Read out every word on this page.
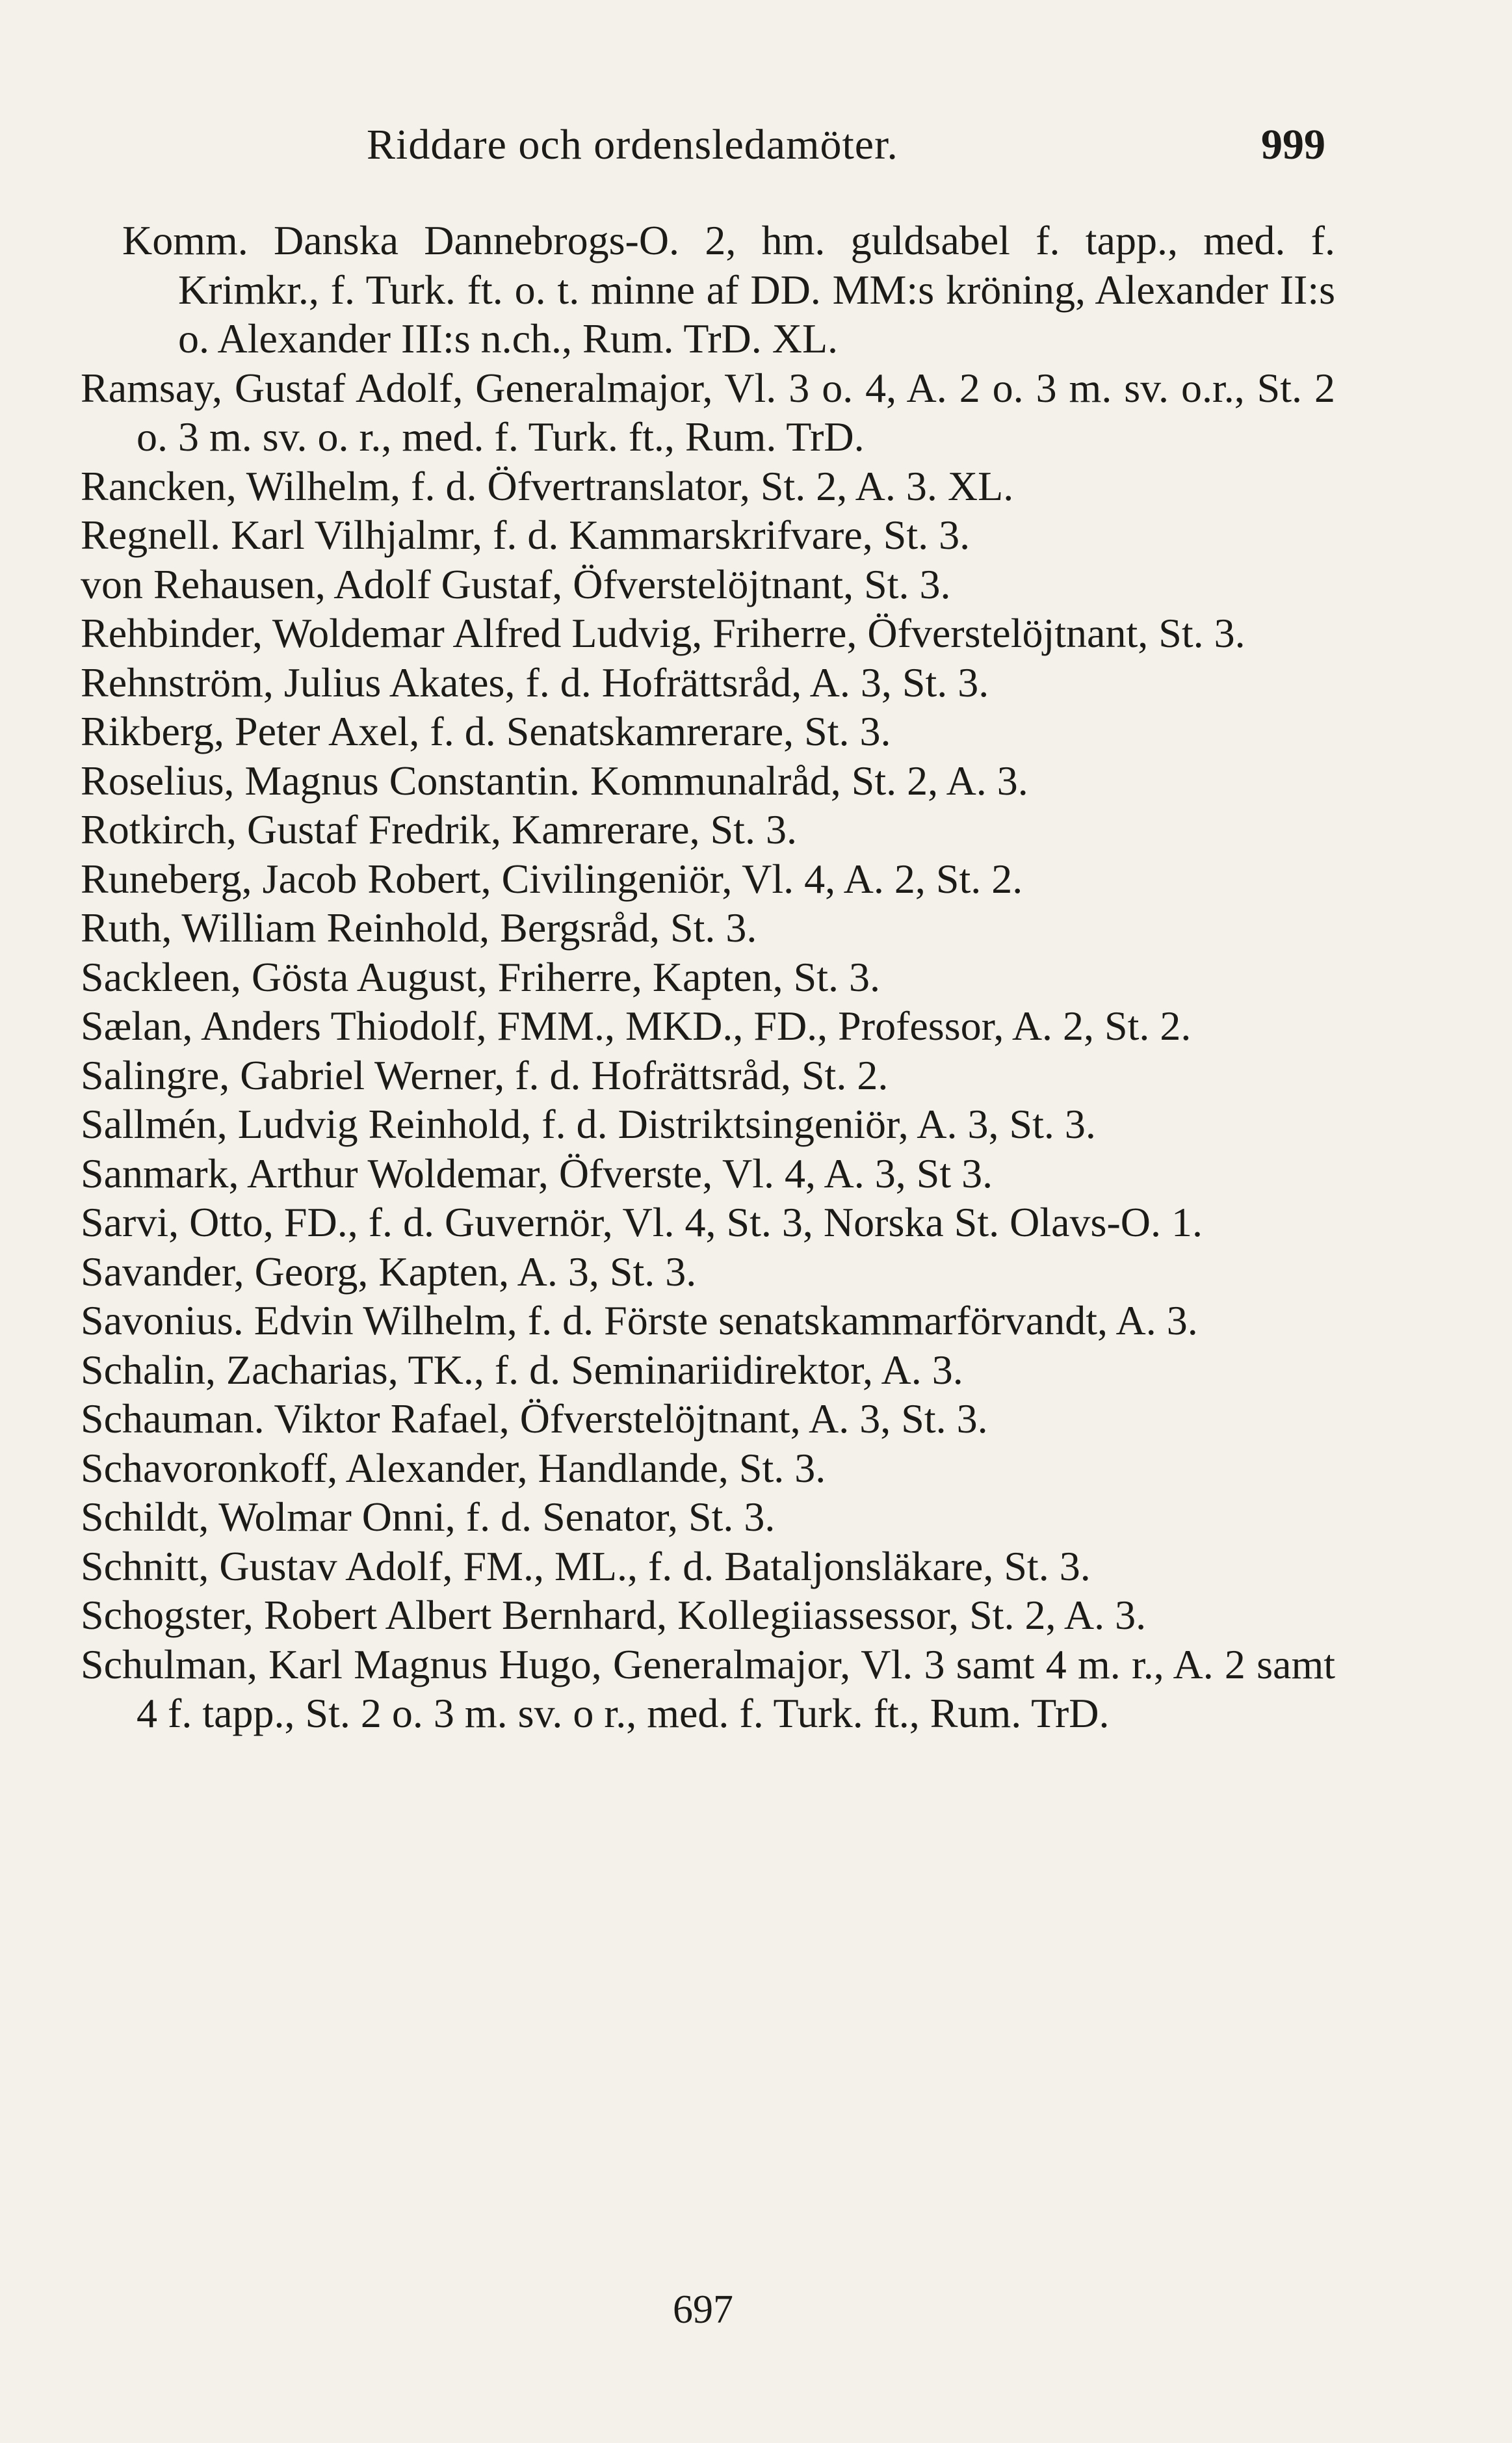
Riddare och ordensledamöter.	999
Komm. Danska Dannebrogs-O. 2, hm. guldsabel f. tapp., med. f. Krimkr., f. Turk. ft. o. t. minne af DD. MM:s kröning, Alexander II:s o. Alexander III:s n.ch., Rum. TrD. XL.
Ramsay, Gustaf Adolf, Generalmajor, Vl. 3 o. 4, A. 2 o. 3 m. sv. o.r., St. 2 o. 3 m. sv. o. r., med. f. Turk. ft., Rum. TrD.
Rancken, Wilhelm, f. d. Öfvertranslator, St. 2, A. 3. XL.
Regnell. Karl Vilhjalmr, f. d. Kammarskrifvare, St. 3.
von Rehausen, Adolf Gustaf, Öfverstelöjtnant, St. 3.
Rehbinder, Woldemar Alfred Ludvig, Friherre, Öfverstelöjtnant, St. 3.
Rehnström, Julius Akates, f. d. Hofrättsråd, A. 3, St. 3.
Rikberg, Peter Axel, f. d. Senatskamrerare, St. 3.
Roselius, Magnus Constantin. Kommunalråd, St. 2, A. 3.
Rotkirch, Gustaf Fredrik, Kamrerare, St. 3.
Runeberg, Jacob Robert, Civilingeniör, Vl. 4, A. 2, St. 2.
Ruth, William Reinhold, Bergsråd, St. 3.
Sackleen, Gösta August, Friherre, Kapten, St. 3.
Sælan, Anders Thiodolf, FMM., MKD., FD., Professor, A. 2, St. 2.
Salingre, Gabriel Werner, f. d. Hofrättsråd, St. 2.
Sallmén, Ludvig Reinhold, f. d. Distriktsingeniör, A. 3, St. 3.
Sanmark, Arthur Woldemar, Öfverste, Vl. 4, A. 3, St 3.
Sarvi, Otto, FD., f. d. Guvernör, Vl. 4, St. 3, Norska St. Olavs-O. 1.
Savander, Georg, Kapten, A. 3, St. 3.
Savonius. Edvin Wilhelm, f. d. Förste senatskammarförvandt, A. 3.
Schalin, Zacharias, TK., f. d. Seminariidirektor, A. 3.
Schauman. Viktor Rafael, Öfverstelöjtnant, A. 3, St. 3.
Schavoronkoff, Alexander, Handlande, St. 3.
Schildt, Wolmar Onni, f. d. Senator, St. 3.
Schnitt, Gustav Adolf, FM., ML., f. d. Bataljonsläkare, St. 3.
Schogster, Robert Albert Bernhard, Kollegiiassessor, St. 2, A. 3.
Schulman, Karl Magnus Hugo, Generalmajor, Vl. 3 samt 4 m. r., A. 2 samt 4 f. tapp., St. 2 o. 3 m. sv. o r., med. f. Turk. ft., Rum. TrD.
697
